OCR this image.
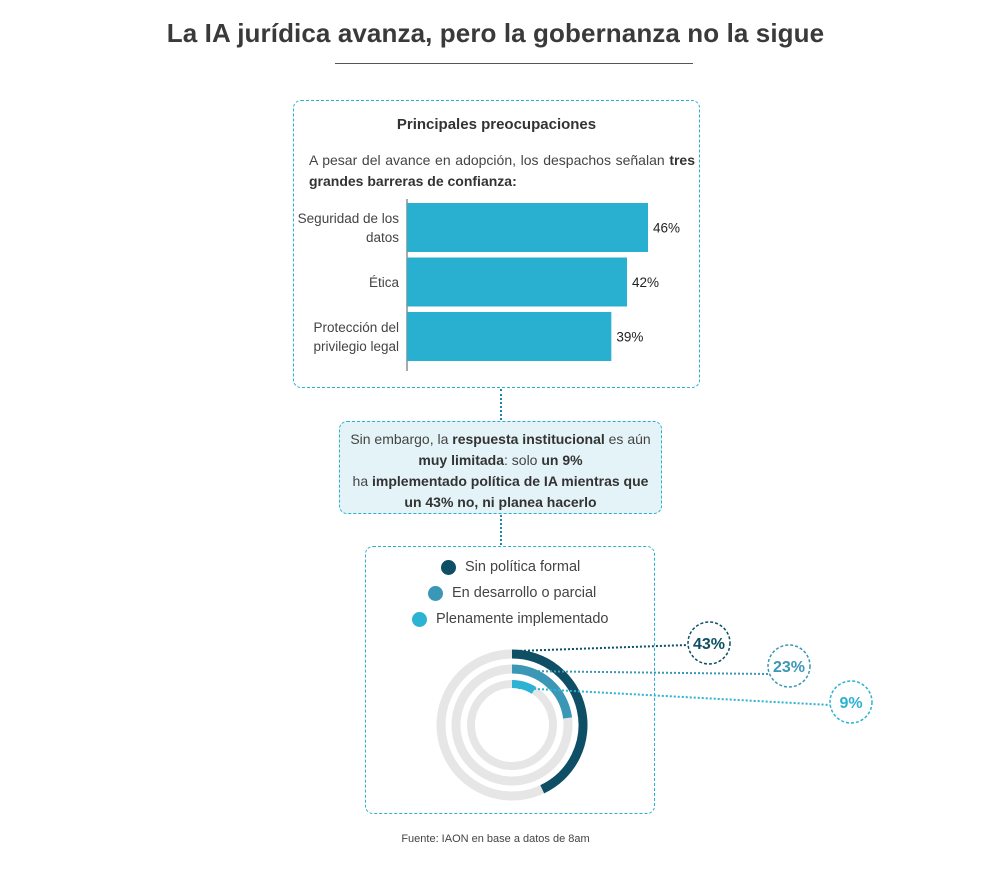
La IA jurídica avanza, pero la gobernanza no la sigue
Principales preocupaciones
A pesar del avance en adopción, los despachos señalan tres grandes barreras de confianza:
46%
Seguridad de los
datos
42%
Ética
39%
Protección del
privilegio legal
Sin embargo, la respuesta institucional es aún muy limitada: solo un 9%
ha implementado política de IA mientras que un 43% no, ni planea hacerlo
Sin política formal
En desarrollo o parcial
Plenamente implementado
43%
23%
9%
Fuente: IAON en base a datos de 8am
